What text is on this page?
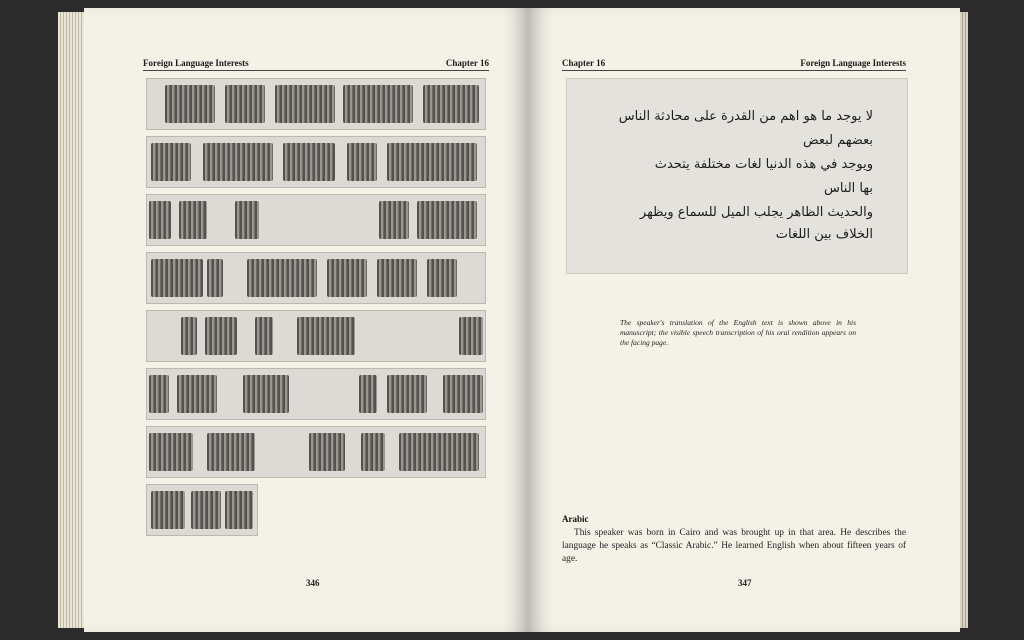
Foreign Language Interests	Chapter 16
346
Chapter 16	Foreign Language Interests
لا يوجد ما هو اهم من القدرة على محادثة الناس
بعضهم لبعض
ويوجد في هذه الدنيا لغات مختلفة يتحدث
بها الناس
والحديث الظاهر يجلب الميل للسماع ويظهر
الخلاف بين اللغات
The speaker's translation of the English text is shown above in his manuscript; the visible speech transcription of his oral rendition appears on the facing page.
Arabic
This speaker was born in Cairo and was brought up in that area. He describes the language he speaks as “Classic Arabic.” He learned English when about fifteen years of age.
347
